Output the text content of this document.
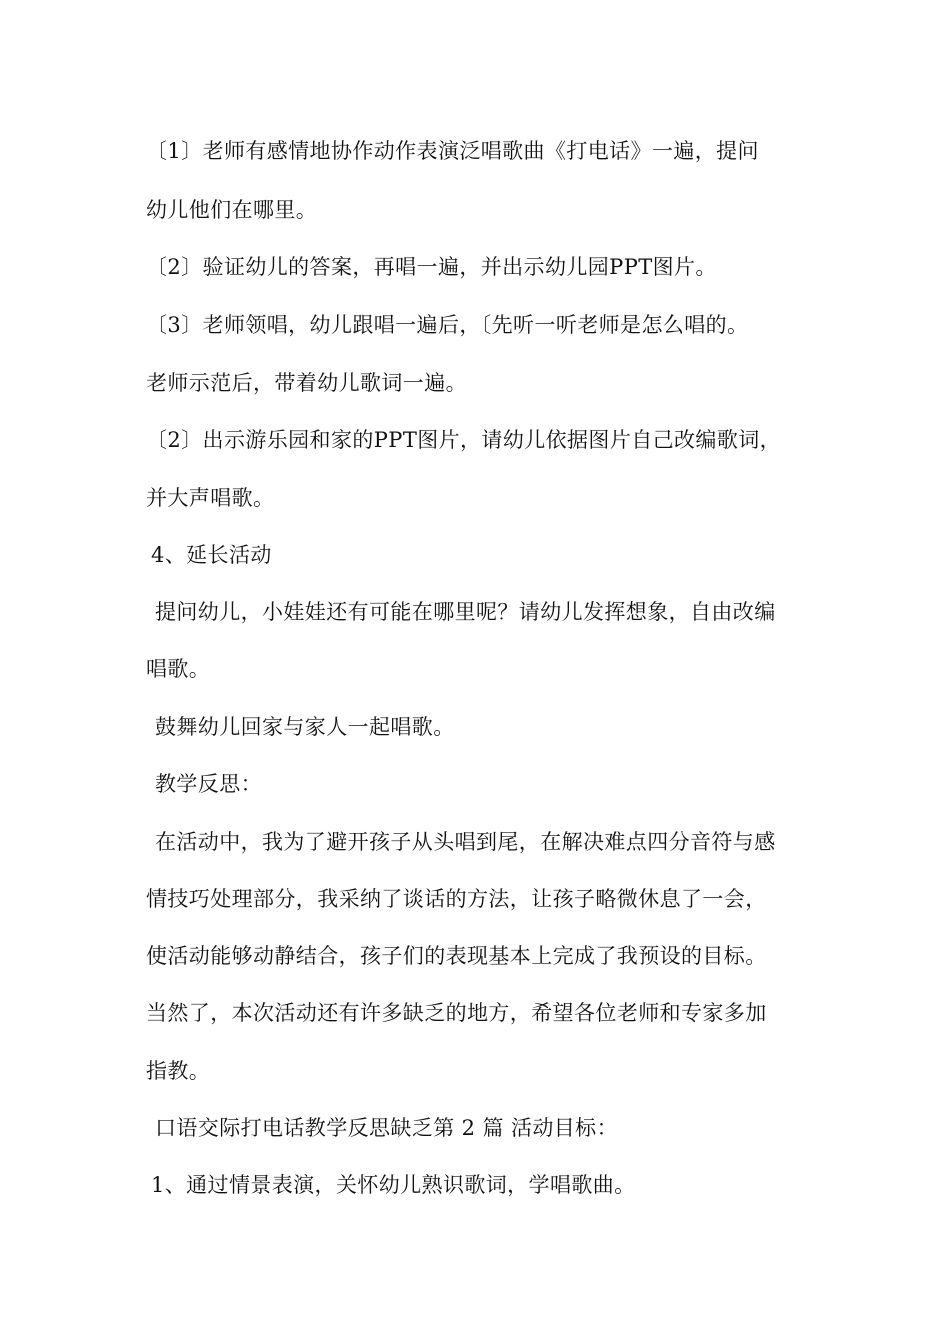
〔1〕老师有感情地协作动作表演泛唱歌曲《打电话》一遍，提问
幼儿他们在哪里。
〔2〕验证幼儿的答案，再唱一遍，并出示幼儿园PPT图片。
〔3〕老师领唱，幼儿跟唱一遍后，〔先听一听老师是怎么唱的。
老师示范后，带着幼儿歌词一遍。
〔2〕出示游乐园和家的PPT图片，请幼儿依据图片自己改编歌词，
并大声唱歌。
4、延长活动
提问幼儿，小娃娃还有可能在哪里呢？请幼儿发挥想象，自由改编
唱歌。
鼓舞幼儿回家与家人一起唱歌。
教学反思：
在活动中，我为了避开孩子从头唱到尾，在解决难点四分音符与感
情技巧处理部分，我采纳了谈话的方法，让孩子略微休息了一会，
使活动能够动静结合，孩子们的表现基本上完成了我预设的目标。
当然了，本次活动还有许多缺乏的地方，希望各位老师和专家多加
指教。
口语交际打电话教学反思缺乏第 2 篇 活动目标：
1、通过情景表演，关怀幼儿熟识歌词，学唱歌曲。
